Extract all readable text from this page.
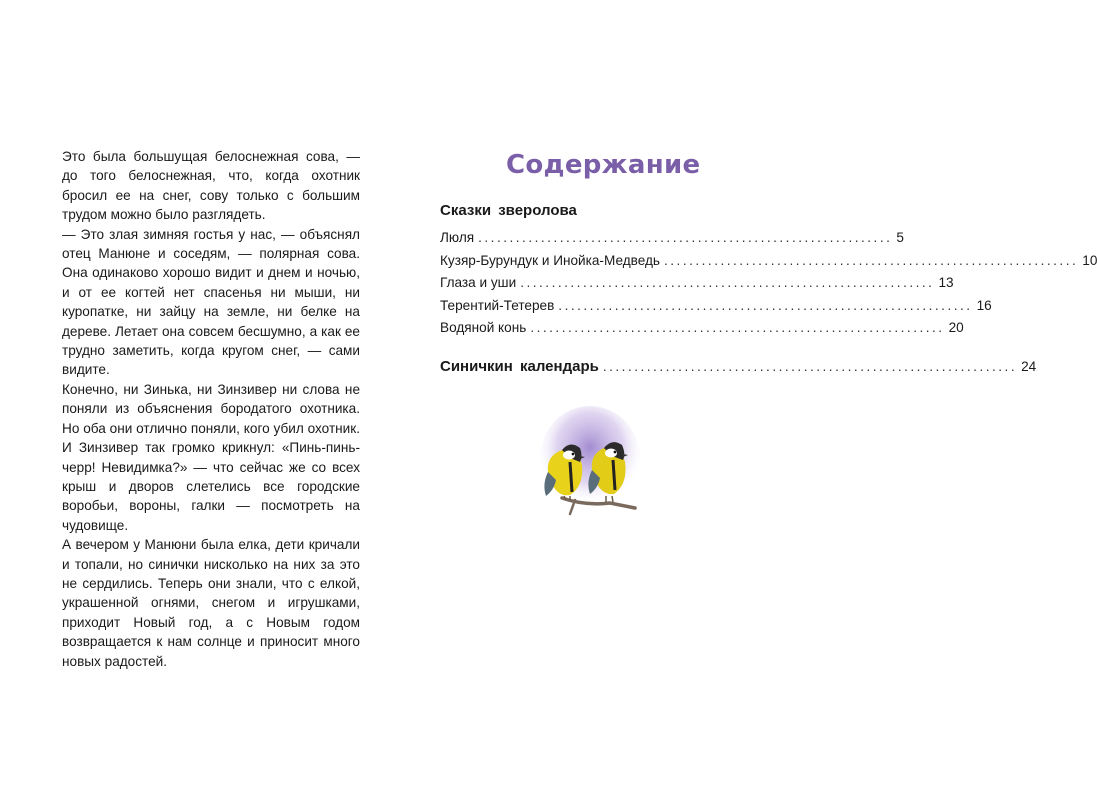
Это была большущая белоснежная сова, — до того белоснежная, что, когда охотник бросил ее на снег, сову только с большим трудом можно было разглядеть.

— Это злая зимняя гостья у нас, — объяснял отец Манюне и соседям, — полярная сова. Она одинаково хорошо видит и днем и ночью, и от ее когтей нет спасенья ни мыши, ни куропатке, ни зайцу на земле, ни белке на дереве. Летает она совсем бесшумно, а как ее трудно заметить, когда кругом снег, — сами видите.

Конечно, ни Зинька, ни Зинзивер ни слова не поняли из объяснения бородатого охотника. Но оба они отлично поняли, кого убил охотник. И Зинзивер так громко крикнул: «Пинь-пинь-черр! Невидимка?» — что сейчас же со всех крыш и дворов слетелись все городские воробьи, вороны, галки — посмотреть на чудовище.

А вечером у Манюни была елка, дети кричали и топали, но синички нисколько на них за это не сердились. Теперь они знали, что с елкой, украшенной огнями, снегом и игрушками, приходит Новый год, а с Новым годом возвращается к нам солнце и приносит много новых радостей.

Содержание
Сказки зверолова
Люля .................................................................. 5
Кузяр-Бурундук и Инойка-Медведь .................................................................. 10
Глаза и уши .................................................................. 13
Терентий-Тетерев .................................................................. 16
Водяной конь .................................................................. 20
Синичкин календарь .................................................................. 24
